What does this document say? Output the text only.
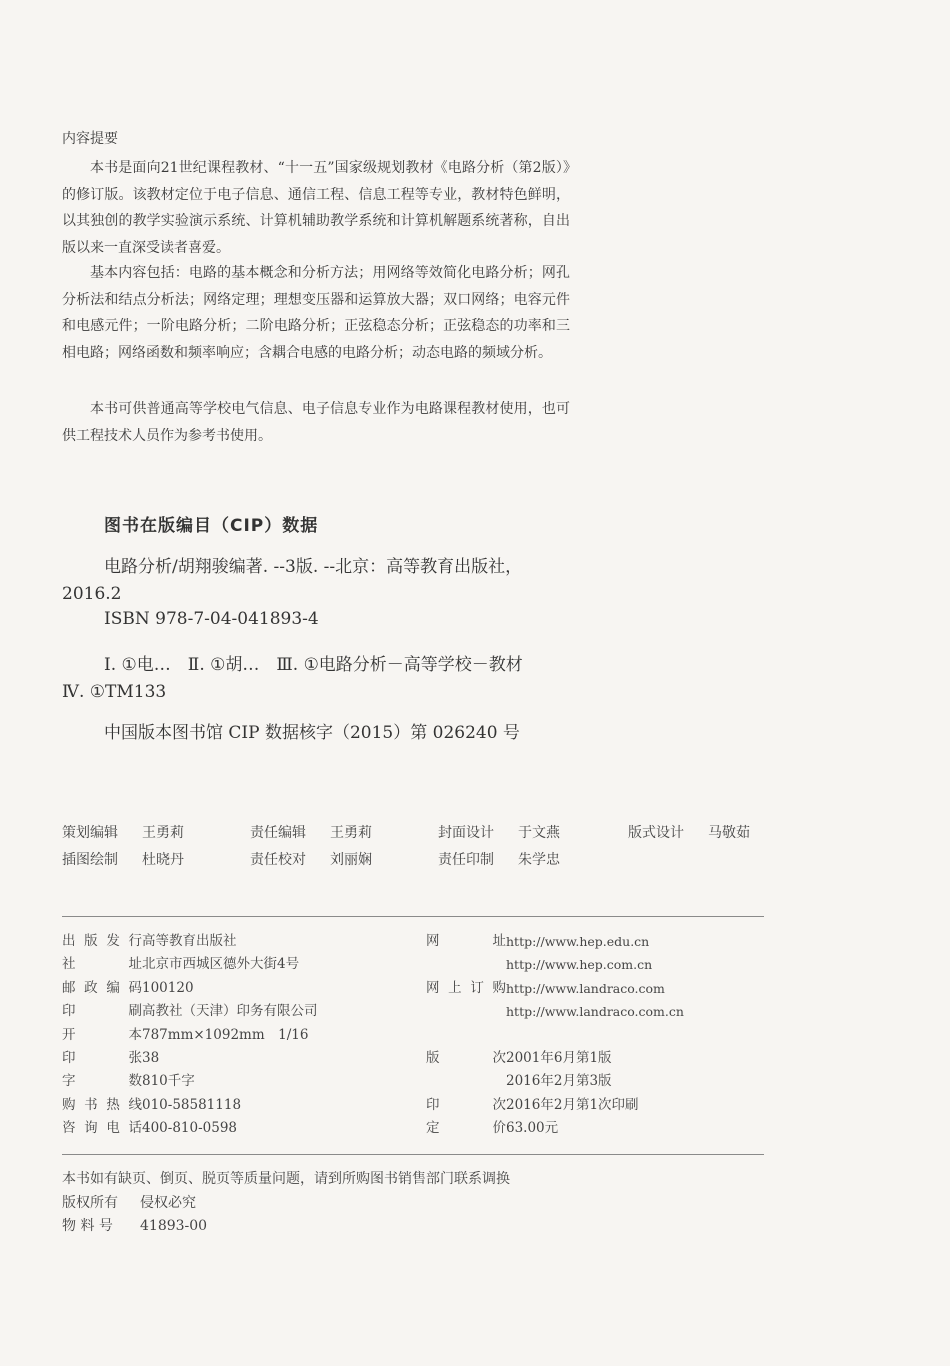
内容提要
本书是面向21世纪课程教材、“十一五”国家级规划教材《电路分析（第2版）》的修订版。该教材定位于电子信息、通信工程、信息工程等专业，教材特色鲜明，以其独创的教学实验演示系统、计算机辅助教学系统和计算机解题系统著称，自出版以来一直深受读者喜爱。
基本内容包括：电路的基本概念和分析方法；用网络等效简化电路分析；网孔分析法和结点分析法；网络定理；理想变压器和运算放大器；双口网络；电容元件和电感元件；一阶电路分析；二阶电路分析；正弦稳态分析；正弦稳态的功率和三相电路；网络函数和频率响应；含耦合电感的电路分析；动态电路的频域分析。
本书可供普通高等学校电气信息、电子信息专业作为电路课程教材使用，也可供工程技术人员作为参考书使用。
图书在版编目（CIP）数据
电路分析/胡翔骏编著. --3版. --北京：高等教育出版社，2016.2
ISBN 978-7-04-041893-4
Ⅰ. ①电…　Ⅱ. ①胡…　Ⅲ. ①电路分析－高等学校－教材　Ⅳ. ①TM133
中国版本图书馆 CIP 数据核字（2015）第 026240 号
策划编辑	王勇莉	责任编辑	王勇莉	封面设计	于文燕	版式设计	马敬茹
插图绘制	杜晓丹	责任校对	刘丽娴	责任印制	朱学忠
出版发行 高等教育出版社
社　　址 北京市西城区德外大街4号
邮政编码 100120
印　　刷 高教社（天津）印务有限公司
开　　本 787mm×1092mm　1/16
印　　张 38
字　　数 810千字
购书热线 010-58581118
咨询电话 400-810-0598
网　　址 http://www.hep.edu.cn
http://www.hep.com.cn
网上订购 http://www.landraco.com
http://www.landraco.com.cn
版　　次 2001年6月第1版
2016年2月第3版
印　　次 2016年2月第1次印刷
定　　价 63.00元
本书如有缺页、倒页、脱页等质量问题，请到所购图书销售部门联系调换
版权所有	侵权必究
物 料 号	41893-00
